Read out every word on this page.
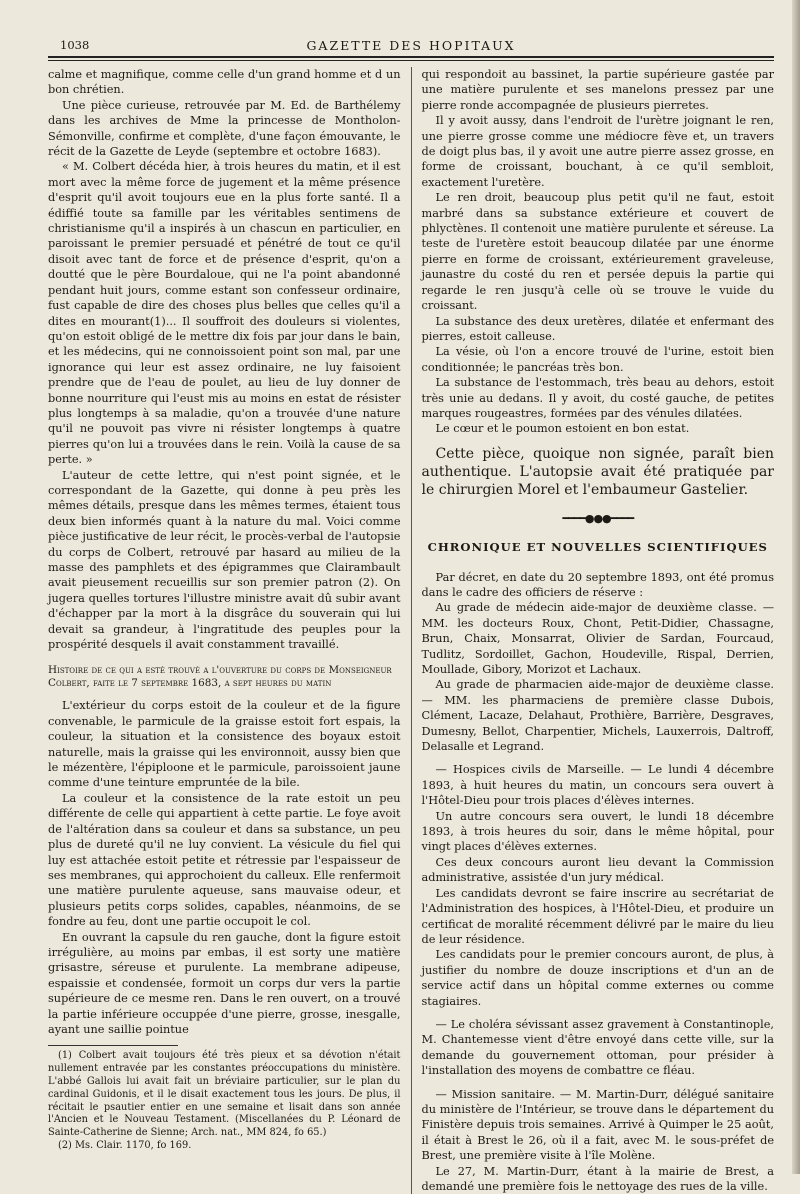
1038	GAZETTE DES HOPITAUX

calme et magnifique, comme celle d'un grand homme et d un bon chrétien.

Une pièce curieuse, retrouvée par M. Ed. de Barthélemy dans les archives de Mme la princesse de Montholon-Sémonville, confirme et complète, d'une façon émouvante, le récit de la Gazette de Leyde (septembre et octobre 1683).

« M. Colbert décéda hier, à trois heures du matin, et il est mort avec la même force de jugement et la même présence d'esprit qu'il avoit toujours eue en la plus forte santé. Il a édiffié toute sa famille par les véritables sentimens de christianisme qu'il a inspirés à un chascun en particulier, en paroissant le premier persuadé et pénétré de tout ce qu'il disoit avec tant de force et de présence d'esprit, qu'on a doutté que le père Bourdaloue, qui ne l'a point abandonné pendant huit jours, comme estant son confesseur ordinaire, fust capable de dire des choses plus belles que celles qu'il a dites en mourant(1)... Il souffroit des douleurs si violentes, qu'on estoit obligé de le mettre dix fois par jour dans le bain, et les médecins, qui ne connoissoient point son mal, par une ignorance qui leur est assez ordinaire, ne luy faisoient prendre que de l'eau de poulet, au lieu de luy donner de bonne nourriture qui l'eust mis au moins en estat de résister plus longtemps à sa maladie, qu'on a trouvée d'une nature qu'il ne pouvoit pas vivre ni résister longtemps à quatre pierres qu'on lui a trouvées dans le rein. Voilà la cause de sa perte. »

L'auteur de cette lettre, qui n'est point signée, et le correspondant de la Gazette, qui donne à peu près les mêmes détails, presque dans les mêmes termes, étaient tous deux bien informés quant à la nature du mal. Voici comme pièce justificative de leur récit, le procès-verbal de l'autopsie du corps de Colbert, retrouvé par hasard au milieu de la masse des pamphlets et des épigrammes que Clairambault avait pieusement recueillis sur son premier patron (2). On jugera quelles tortures l'illustre ministre avait dû subir avant d'échapper par la mort à la disgrâce du souverain qui lui devait sa grandeur, à l'ingratitude des peuples pour la prospérité desquels il avait constamment travaillé.

Histoire de ce qui a esté trouvé a l'ouverture du corps de Monseigneur Colbert, faite le 7 septembre 1683, a sept heures du matin

L'extérieur du corps estoit de la couleur et de la figure convenable, le parmicule de la graisse estoit fort espais, la couleur, la situation et la consistence des boyaux estoit naturelle, mais la graisse qui les environnoit, aussy bien que le mézentère, l'épiploone et le parmicule, paroissoient jaune comme d'une teinture empruntée de la bile.

La couleur et la consistence de la rate estoit un peu différente de celle qui appartient à cette partie. Le foye avoit de l'altération dans sa couleur et dans sa substance, un peu plus de dureté qu'il ne luy convient. La vésicule du fiel qui luy est attachée estoit petite et rétressie par l'espaisseur de ses membranes, qui approchoient du calleux. Elle renfermoit une matière purulente aqueuse, sans mauvaise odeur, et plusieurs petits corps solides, capables, néanmoins, de se fondre au feu, dont une partie occupoit le col.

En ouvrant la capsule du ren gauche, dont la figure estoit irrégulière, au moins par embas, il est sorty une matière grisastre, séreuse et purulente. La membrane adipeuse, espaissie et condensée, formoit un corps dur vers la partie supérieure de ce mesme ren. Dans le ren ouvert, on a trouvé la partie inférieure occuppée d'une pierre, grosse, inesgalle, ayant une saillie pointue

(1) Colbert avait toujours été très pieux et sa dévotion n'était nullement entravée par les constantes préoccupations du ministère. L'abbé Gallois lui avait fait un bréviaire particulier, sur le plan du cardinal Guidonis, et il le disait exactement tous les jours. De plus, il récitait le psautier entier en une semaine et lisait dans son année l'Ancien et le Nouveau Testament. (Miscellanées du P. Léonard de Sainte-Catherine de Sienne; Arch. nat., MM 824, fo 65.)

(2) Ms. Clair. 1170, fo 169.

qui respondoit au bassinet, la partie supérieure gastée par une matière purulente et ses manelons pressez par une pierre ronde accompagnée de plusieurs pierretes.

Il y avoit aussy, dans l'endroit de l'urètre joignant le ren, une pierre grosse comme une médiocre fève et, un travers de doigt plus bas, il y avoit une autre pierre assez grosse, en forme de croissant, bouchant, à ce qu'il sembloit, exactement l'uretère.

Le ren droit, beaucoup plus petit qu'il ne faut, estoit marbré dans sa substance extérieure et couvert de phlyctènes. Il contenoit une matière purulente et séreuse. La teste de l'uretère estoit beaucoup dilatée par une énorme pierre en forme de croissant, extérieurement graveleuse, jaunastre du costé du ren et persée depuis la partie qui regarde le ren jusqu'à celle où se trouve le vuide du croissant.

La substance des deux uretères, dilatée et enfermant des pierres, estoit calleuse.

La vésie, où l'on a encore trouvé de l'urine, estoit bien conditionnée; le pancréas très bon.

La substance de l'estommach, très beau au dehors, estoit très unie au dedans. Il y avoit, du costé gauche, de petites marques rougeastres, formées par des vénules dilatées.

Le cœur et le poumon estoient en bon estat.

Cette pièce, quoique non signée, paraît bien authentique. L'autopsie avait été pratiquée par le chirurgien Morel et l'embaumeur Gastelier.

━━━━●●●━━━━
CHRONIQUE ET NOUVELLES SCIENTIFIQUES

Par décret, en date du 20 septembre 1893, ont été promus dans le cadre des officiers de réserve :

Au grade de médecin aide-major de deuxième classe. — MM. les docteurs Roux, Chont, Petit-Didier, Chassagne, Brun, Chaix, Monsarrat, Olivier de Sardan, Fourcaud, Tudlitz, Sordoillet, Gachon, Houdeville, Rispal, Derrien, Moullade, Gibory, Morizot et Lachaux.

Au grade de pharmacien aide-major de deuxième classe. — MM. les pharmaciens de première classe Dubois, Clément, Lacaze, Delahaut, Prothière, Barrière, Desgraves, Dumesny, Bellot, Charpentier, Michels, Lauxerrois, Daltroff, Delasalle et Legrand.

— Hospices civils de Marseille. — Le lundi 4 décembre 1893, à huit heures du matin, un concours sera ouvert à l'Hôtel-Dieu pour trois places d'élèves internes.

Un autre concours sera ouvert, le lundi 18 décembre 1893, à trois heures du soir, dans le même hôpital, pour vingt places d'élèves externes.

Ces deux concours auront lieu devant la Commission administrative, assistée d'un jury médical.

Les candidats devront se faire inscrire au secrétariat de l'Administration des hospices, à l'Hôtel-Dieu, et produire un certificat de moralité récemment délivré par le maire du lieu de leur résidence.

Les candidats pour le premier concours auront, de plus, à justifier du nombre de douze inscriptions et d'un an de service actif dans un hôpital comme externes ou comme stagiaires.

— Le choléra sévissant assez gravement à Constantinople, M. Chantemesse vient d'être envoyé dans cette ville, sur la demande du gouvernement ottoman, pour présider à l'installation des moyens de combattre ce fléau.

— Mission sanitaire. — M. Martin-Durr, délégué sanitaire du ministère de l'Intérieur, se trouve dans le département du Finistère depuis trois semaines. Arrivé à Quimper le 25 août, il était à Brest le 26, où il a fait, avec M. le sous-préfet de Brest, une première visite à l'île Molène.

Le 27, M. Martin-Durr, étant à la mairie de Brest, a demandé une première fois le nettoyage des rues de la ville.
